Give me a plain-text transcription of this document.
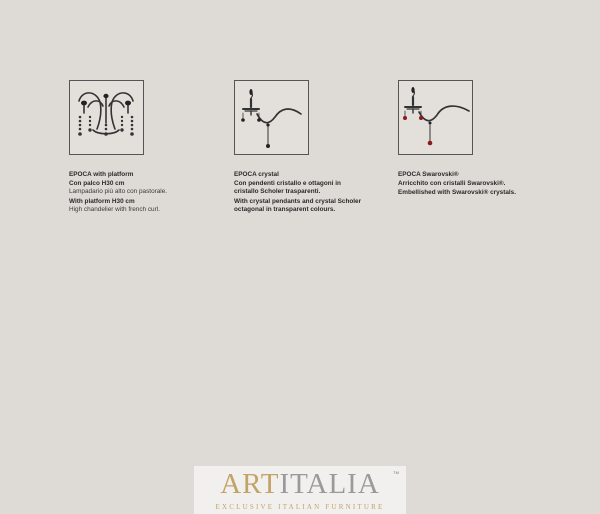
EPOCA with platform
Con palco H30 cm
Lampadario più alto con pastorale.
With platform H30 cm
High chandelier with french curl.
EPOCA crystal
Con pendenti cristallo e ottagoni in
cristallo Scholer trasparenti.
With crystal pendants and crystal Scholer
octagonal in transparent colours.
EPOCA Swarovski®
Arricchito con cristalli Swarovski®.
Embellished with Swarovski® crystals.
ARTITALIA	TM
EXCLUSIVE ITALIAN FURNITURE
